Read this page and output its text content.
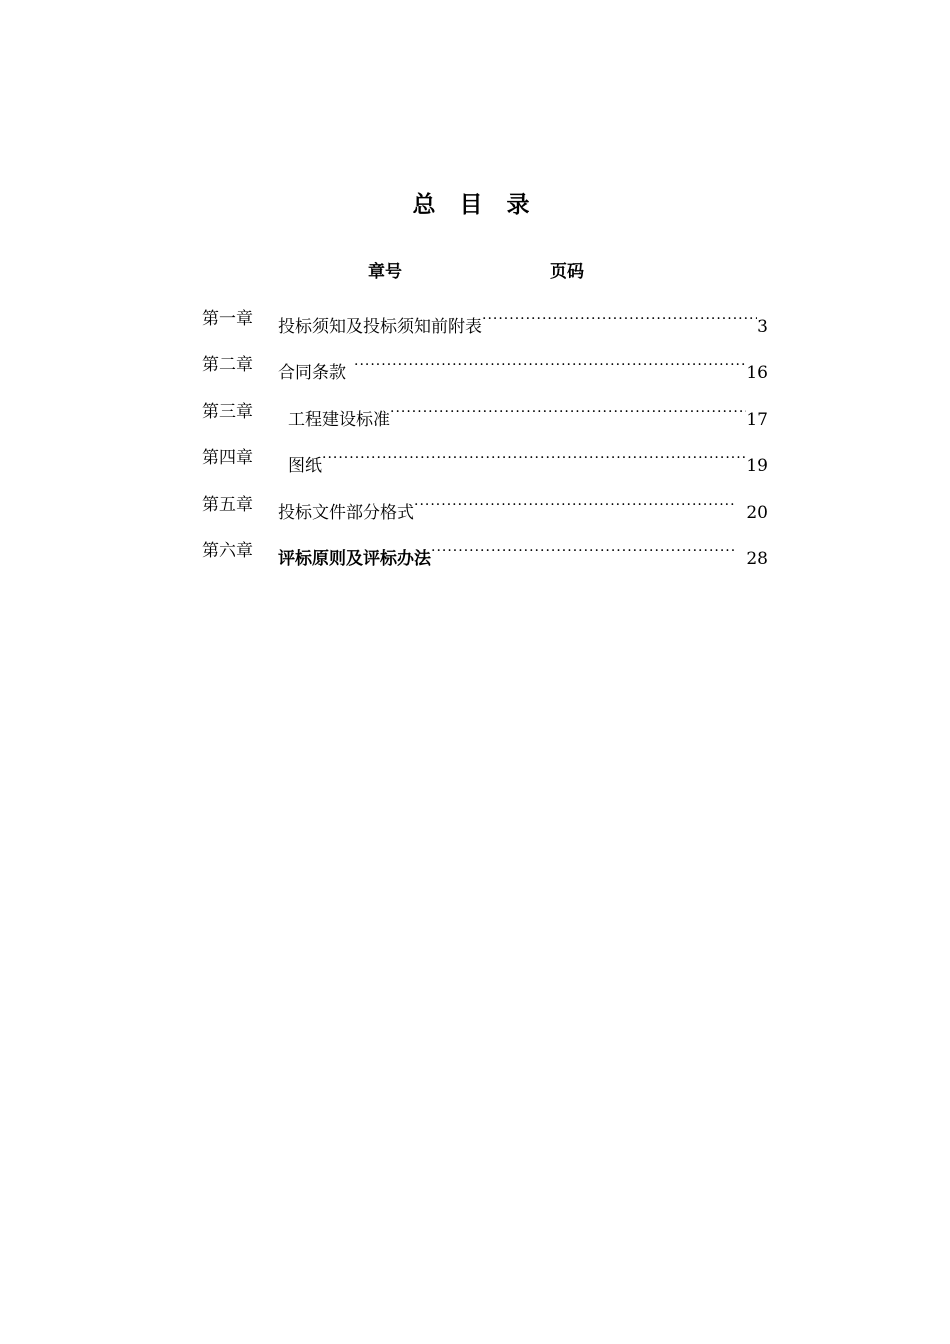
总 目 录
章号	页码
第一章	投标须知及投标须知前附表 ·····	3
第二章	合同条款 ·····	16
第三章	工程建设标准 ·····	17
第四章	图纸 ·····	19
第五章	投标文件部分格式 ·····	20
第六章	评标原则及评标办法 ·····	28
